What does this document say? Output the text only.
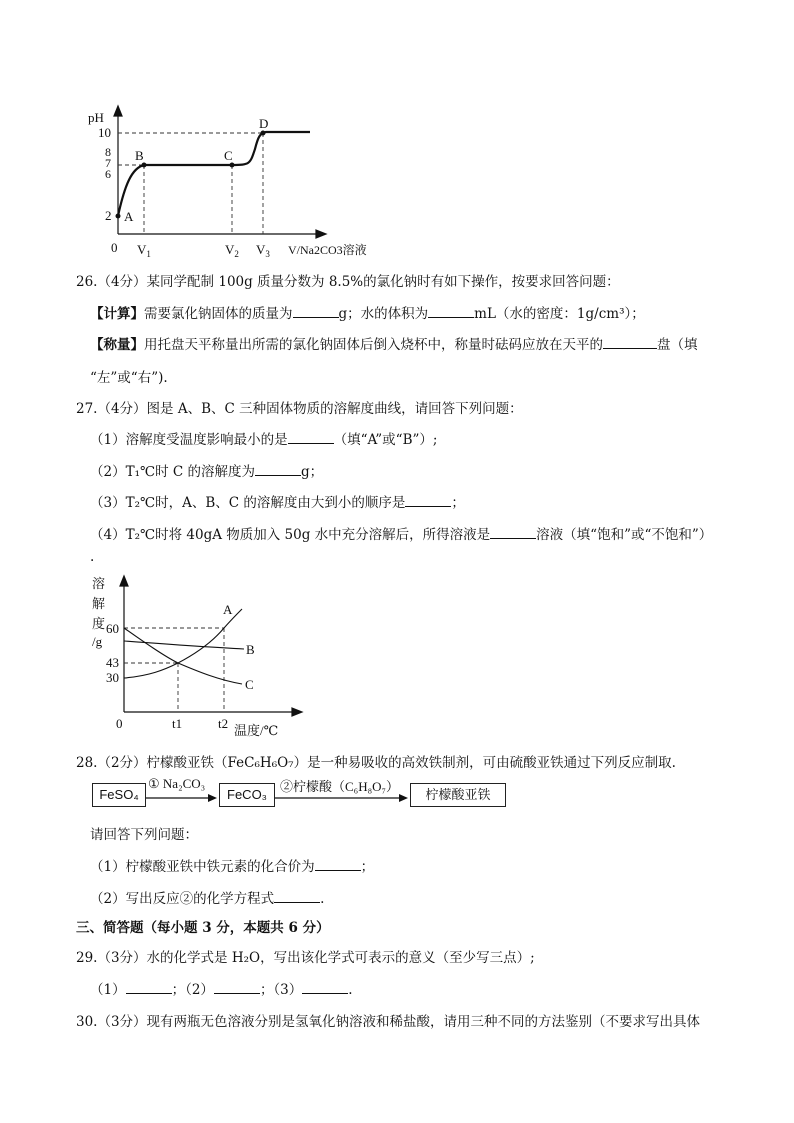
pH
10
8
7
6
2 A
B	C
D
0 $V_1$	$V_2$ $V_3$ V/Na2CO3溶液
26.（4分）某同学配制 100g 质量分数为 8.5%的氯化钠时有如下操作，按要求回答问题：
【计算】需要氯化钠固体的质量为	g；水的体积为	mL（水的密度：1g/cm³）；
【称量】用托盘天平称量出所需的氯化钠固体后倒入烧杯中，称量时砝码应放在天平的	盘（填
“左”或“右”).
27.（4分）图是 A、B、C 三种固体物质的溶解度曲线，请回答下列问题：
（1）溶解度受温度影响最小的是	（填“A”或“B”）;
（2）T₁℃时 C 的溶解度为	g；
（3）T₂℃时，A、B、C 的溶解度由大到小的顺序是	；
（4）T₂℃时将 40gA 物质加入 50g 水中充分溶解后，所得溶液是	溶液（填“饱和”或“不饱和”）
.
溶
解
度
/g
60
43
30
A
B
C
0	t1	t2 温度/℃
28.（2分）柠檬酸亚铁（FeC₆H₆O₇）是一种易吸收的高效铁制剂，可由硫酸亚铁通过下列反应制取.
FeSO₄
① Na₂CO₃
FeCO₃
②柠檬酸（C₆H₈O₇）
柠檬酸亚铁
请回答下列问题：
（1）柠檬酸亚铁中铁元素的化合价为	；
（2）写出反应②的化学方程式	.
三、简答题（每小题 3 分，本题共 6 分）
29.（3分）水的化学式是 H₂O，写出该化学式可表示的意义（至少写三点）;
（1）	；（2）	；（3）	.
30.（3分）现有两瓶无色溶液分别是氢氧化钠溶液和稀盐酸，请用三种不同的方法鉴别（不要求写出具体
